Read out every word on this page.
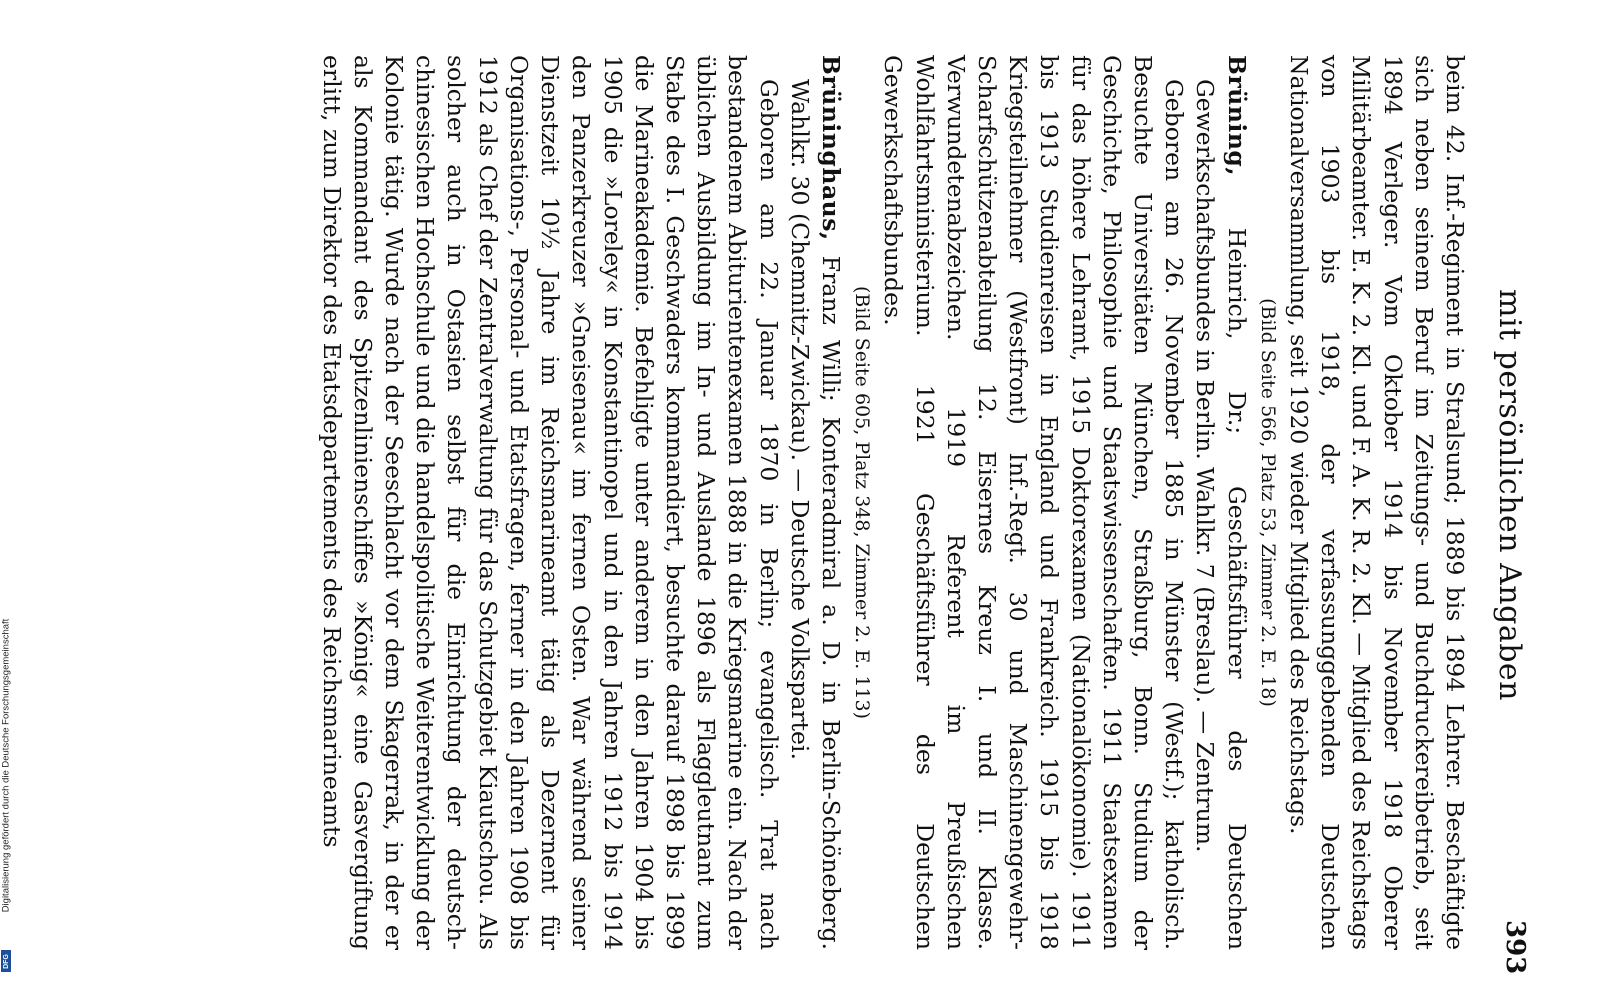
mit persönlichen Angaben
393

beim 42. Inf.-Regiment in Stralsund; 1889 bis 1894 Lehrer. Beschäftigte sich neben seinem Beruf im Zeitungs- und Buchdruckereibetrieb, seit 1894 Verleger. Vom Oktober 1914 bis November 1918 Oberer Militärbeamter. E. K. 2. Kl. und F. A. K. R. 2. Kl. — Mitglied des Reichstags von 1903 bis 1918, der verfassunggebenden Deutschen Nationalversammlung, seit 1920 wieder Mitglied des Reichstags.

(Bild Seite 566, Platz 53, Zimmer 2. E. 18)

Brüning, Heinrich, Dr.; Geschäftsführer des Deutschen Gewerkschaftsbundes in Berlin. Wahlkr. 7 (Breslau). — Zentrum.

Geboren am 26. November 1885 in Münster (Westf.); katholisch. Besuchte Universitäten München, Straßburg, Bonn. Studium der Geschichte, Philosophie und Staatswissenschaften. 1911 Staatsexamen für das höhere Lehramt, 1915 Doktorexamen (Nationalökonomie). 1911 bis 1913 Studienreisen in England und Frankreich. 1915 bis 1918 Kriegsteilnehmer (Westfront) Inf.-Regt. 30 und Maschinengewehr-Scharfschützenabteilung 12. Eisernes Kreuz I. und II. Klasse. Verwundetenabzeichen. 1919 Referent im Preußischen Wohlfahrtsministerium. 1921 Geschäftsführer des Deutschen Gewerkschaftsbundes.

(Bild Seite 605, Platz 348, Zimmer 2. E. 113)

Brüninghaus, Franz Willi; Konteradmiral a. D. in Berlin-Schöneberg. Wahlkr. 30 (Chemnitz-Zwickau). — Deutsche Volkspartei.

Geboren am 22. Januar 1870 in Berlin; evangelisch. Trat nach bestandenem Abiturientenexamen 1888 in die Kriegsmarine ein. Nach der üblichen Ausbildung im In- und Auslande 1896 als Flaggleutnant zum Stabe des I. Geschwaders kommandiert, besuchte darauf 1898 bis 1899 die Marineakademie. Befehligte unter anderem in den Jahren 1904 bis 1905 die »Loreley« in Konstantinopel und in den Jahren 1912 bis 1914 den Panzerkreuzer »Gneisenau« im fernen Osten. War während seiner Dienstzeit 10½ Jahre im Reichsmarineamt tätig als Dezernent für Organisations-, Personal- und Etatsfragen, ferner in den Jahren 1908 bis 1912 als Chef der Zentralverwaltung für das Schutzgebiet Kiautschou. Als solcher auch in Ostasien selbst für die Einrichtung der deutsch-chinesischen Hochschule und die handelspolitische Weiterentwicklung der Kolonie tätig. Wurde nach der Seeschlacht vor dem Skagerrak, in der er als Kommandant des Spitzenlinienschiffes »König« eine Gasvergiftung erlitt, zum Direktor des Etatsdepartements des Reichsmarineamts

Digitalisierung gefördert durch die Deutsche Forschungsgemeinschaft
DFG
